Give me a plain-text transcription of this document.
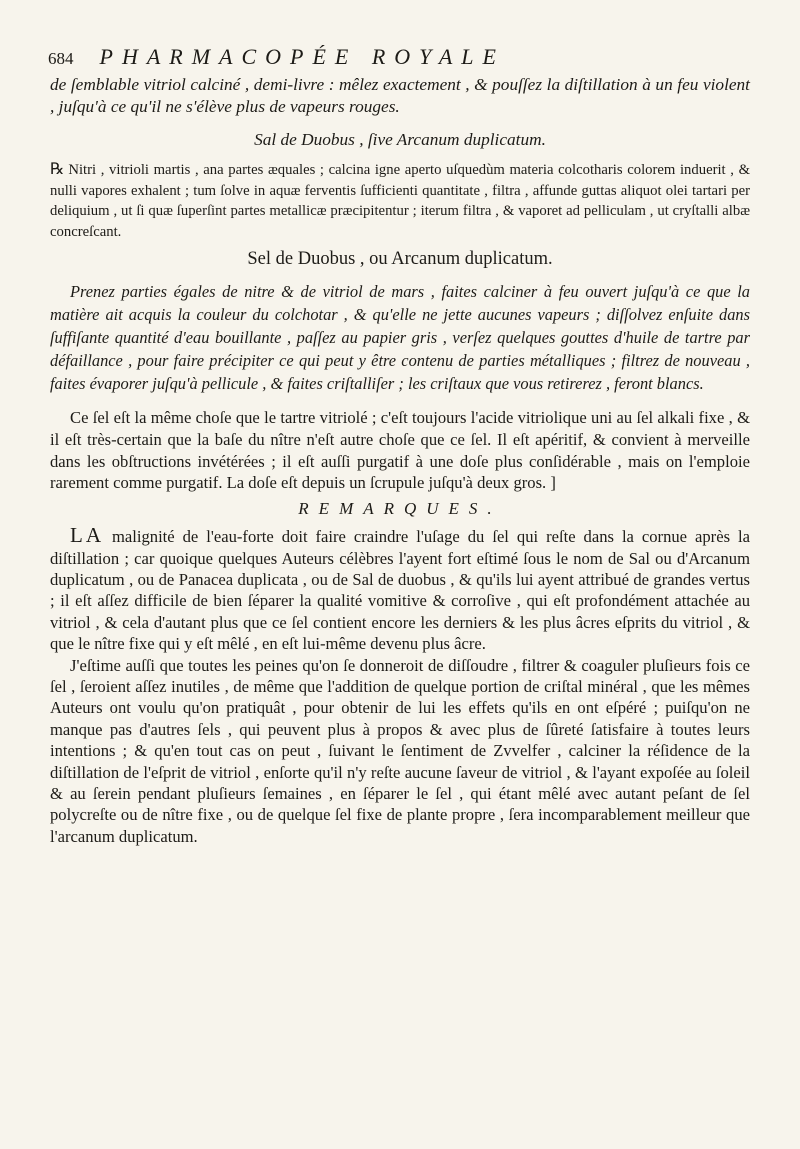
684 PHARMACOPÉE ROYALE

de ſemblable vitriol calciné , demi-livre : mêlez exactement , & pouſſez la diſtillation à un feu violent , juſqu'à ce qu'il ne s'élève plus de vapeurs rouges.

Sal de Duobus , ſive Arcanum duplicatum.

℞ Nitri , vitrioli martis , ana partes æquales ; calcina igne aperto uſquedùm materia colcotharis colorem induerit , & nulli vapores exhalent ; tum ſolve in aquæ ferventis ſufficienti quantitate , filtra , affunde guttas aliquot olei tartari per deliquium , ut ſi quæ ſuperſint partes metallicæ præcipitentur ; iterum filtra , & vaporet ad pelliculam , ut cryſtalli albæ concreſcant.

Sel de Duobus , ou Arcanum duplicatum.

Prenez parties égales de nitre & de vitriol de mars , faites calciner à feu ouvert juſqu'à ce que la matière ait acquis la couleur du colchotar , & qu'elle ne jette aucunes vapeurs ; diſſolvez enſuite dans ſuffiſante quantité d'eau bouillante , paſſez au papier gris , verſez quelques gouttes d'huile de tartre par défaillance , pour faire précipiter ce qui peut y être contenu de parties métalliques ; filtrez de nouveau , faites évaporer juſqu'à pellicule , & faites criſtalliſer ; les criſtaux que vous retirerez , feront blancs.

Ce ſel eſt la même choſe que le tartre vitriolé ; c'eſt toujours l'acide vitriolique uni au ſel alkali fixe , & il eſt très-certain que la baſe du nître n'eſt autre choſe que ce ſel. Il eſt apéritif, & convient à merveille dans les obſtructions invétérées ; il eſt auſſi purgatif à une doſe plus conſidérable , mais on l'emploie rarement comme purgatif. La doſe eſt depuis un ſcrupule juſqu'à deux gros. ]

REMARQUES.

LA malignité de l'eau-forte doit faire craindre l'uſage du ſel qui reſte dans la cornue après la diſtillation ; car quoique quelques Auteurs célèbres l'ayent fort eſtimé ſous le nom de Sal ou d'Arcanum duplicatum , ou de Panacea duplicata , ou de Sal de duobus , & qu'ils lui ayent attribué de grandes vertus ; il eſt aſſez difficile de bien ſéparer la qualité vomitive & corroſive , qui eſt profondément attachée au vitriol , & cela d'autant plus que ce ſel contient encore les derniers & les plus âcres eſprits du vitriol , & que le nître fixe qui y eſt mêlé , en eſt lui-même devenu plus âcre.

J'eſtime auſſi que toutes les peines qu'on ſe donneroit de diſſoudre , filtrer & coaguler pluſieurs fois ce ſel , ſeroient aſſez inutiles , de même que l'addition de quelque portion de criſtal minéral , que les mêmes Auteurs ont voulu qu'on pratiquât , pour obtenir de lui les effets qu'ils en ont eſpéré ; puiſqu'on ne manque pas d'autres ſels , qui peuvent plus à propos & avec plus de ſûreté ſatisfaire à toutes leurs intentions ; & qu'en tout cas on peut , ſuivant le ſentiment de Zvvelfer , calciner la réſidence de la diſtillation de l'eſprit de vitriol , enſorte qu'il n'y reſte aucune ſaveur de vitriol , & l'ayant expoſée au ſoleil & au ſerein pendant pluſieurs ſemaines , en ſéparer le ſel , qui étant mêlé avec autant peſant de ſel polycreſte ou de nître fixe , ou de quelque ſel fixe de plante propre , ſera incomparablement meilleur que l'arcanum duplicatum.
